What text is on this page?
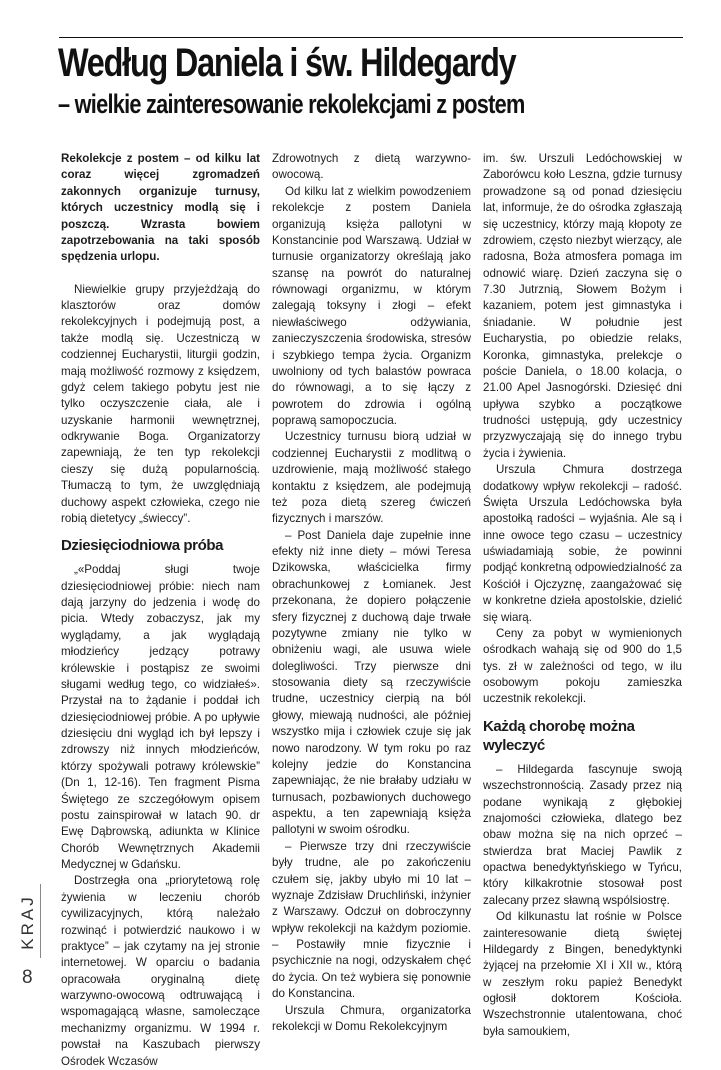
Według Daniela i św. Hildegardy
– wielkie zainteresowanie rekolekcjami z postem

Rekolekcje z postem – od kilku lat coraz więcej zgromadzeń zakonnych organizuje turnusy, których uczestnicy modlą się i poszczą. Wzrasta bowiem zapotrzebowania na taki sposób spędzenia urlopu.

Niewielkie grupy przyjeżdżają do klasztorów oraz domów rekolekcyjnych i podejmują post, a także modlą się. Uczestniczą w codziennej Eucharystii, liturgii godzin, mają możliwość rozmowy z księdzem, gdyż celem takiego pobytu jest nie tylko oczyszczenie ciała, ale i uzyskanie harmonii wewnętrznej, odkrywanie Boga. Organizatorzy zapewniają, że ten typ rekolekcji cieszy się dużą popularnością. Tłumaczą to tym, że uwzględniają duchowy aspekt człowieka, czego nie robią dietetycy „świeccy”.

Dziesięciodniowa próba

„«Poddaj sługi twoje dziesięciodniowej próbie: niech nam dają jarzyny do jedzenia i wodę do picia. Wtedy zobaczysz, jak my wyglądamy, a jak wyglądają młodzieńcy jedzący potrawy królewskie i postąpisz ze swoimi sługami według tego, co widziałeś». Przystał na to żądanie i poddał ich dziesięciodniowej próbie. A po upływie dziesięciu dni wygląd ich był lepszy i zdrowszy niż innych młodzieńców, którzy spożywali potrawy królewskie” (Dn 1, 12-16). Ten fragment Pisma Świętego ze szczegółowym opisem postu zainspirował w latach 90. dr Ewę Dąbrowską, adiunkta w Klinice Chorób Wewnętrznych Akademii Medycznej w Gdańsku.

Dostrzegła ona „priorytetową rolę żywienia w leczeniu chorób cywilizacyjnych, którą należało rozwinąć i potwierdzić naukowo i w praktyce” – jak czytamy na jej stronie internetowej. W oparciu o badania opracowała oryginalną dietę warzywno-owocową odtruwającą i wspomagającą własne, samoleczące mechanizmy organizmu. W 1994 r. powstał na Kaszubach pierwszy Ośrodek Wczasów

Zdrowotnych z dietą warzywno-owocową.

Od kilku lat z wielkim powodzeniem rekolekcje z postem Daniela organizują księża pallotyni w Konstancinie pod Warszawą. Udział w turnusie organizatorzy określają jako szansę na powrót do naturalnej równowagi organizmu, w którym zalegają toksyny i złogi – efekt niewłaściwego odżywiania, zanieczyszczenia środowiska, stresów i szybkiego tempa życia. Organizm uwolniony od tych balastów powraca do równowagi, a to się łączy z powrotem do zdrowia i ogólną poprawą samopoczucia.

Uczestnicy turnusu biorą udział w codziennej Eucharystii z modlitwą o uzdrowienie, mają możliwość stałego kontaktu z księdzem, ale podejmują też poza dietą szereg ćwiczeń fizycznych i marszów.

– Post Daniela daje zupełnie inne efekty niż inne diety – mówi Teresa Dzikowska, właścicielka firmy obrachunkowej z Łomianek. Jest przekonana, że dopiero połączenie sfery fizycznej z duchową daje trwałe pozytywne zmiany nie tylko w obniżeniu wagi, ale usuwa wiele dolegliwości. Trzy pierwsze dni stosowania diety są rzeczywiście trudne, uczestnicy cierpią na ból głowy, miewają nudności, ale później wszystko mija i człowiek czuje się jak nowo narodzony. W tym roku po raz kolejny jedzie do Konstancina zapewniając, że nie brałaby udziału w turnusach, pozbawionych duchowego aspektu, a ten zapewniają księża pallotyni w swoim ośrodku.

– Pierwsze trzy dni rzeczywiście były trudne, ale po zakończeniu czułem się, jakby ubyło mi 10 lat – wyznaje Zdzisław Druchliński, inżynier z Warszawy. Odczuł on dobroczynny wpływ rekolekcji na każdym poziomie. – Postawiły mnie fizycznie i psychicznie na nogi, odzyskałem chęć do życia. On też wybiera się ponownie do Konstancina.

Urszula Chmura, organizatorka rekolekcji w Domu Rekolekcyjnym

im. św. Urszuli Ledóchowskiej w Zaborówcu koło Leszna, gdzie turnusy prowadzone są od ponad dziesięciu lat, informuje, że do ośrodka zgłaszają się uczestnicy, którzy mają kłopoty ze zdrowiem, często niezbyt wierzący, ale radosna, Boża atmosfera pomaga im odnowić wiarę. Dzień zaczyna się o 7.30 Jutrznią, Słowem Bożym i kazaniem, potem jest gimnastyka i śniadanie. W południe jest Eucharystia, po obiedzie relaks, Koronka, gimnastyka, prelekcje o poście Daniela, o 18.00 kolacja, o 21.00 Apel Jasnogórski. Dziesięć dni upływa szybko a początkowe trudności ustępują, gdy uczestnicy przyzwyczajają się do innego trybu życia i żywienia.

Urszula Chmura dostrzega dodatkowy wpływ rekolekcji – radość. Święta Urszula Ledóchowska była apostołką radości – wyjaśnia. Ale są i inne owoce tego czasu – uczestnicy uświadamiają sobie, że powinni podjąć konkretną odpowiedzialność za Kościół i Ojczyznę, zaangażować się w konkretne dzieła apostolskie, dzielić się wiarą.

Ceny za pobyt w wymienionych ośrodkach wahają się od 900 do 1,5 tys. zł w zależności od tego, w ilu osobowym pokoju zamieszka uczestnik rekolekcji.

Każdą chorobę można wyleczyć

– Hildegarda fascynuje swoją wszechstronnością. Zasady przez nią podane wynikają z głębokiej znajomości człowieka, dlatego bez obaw można się na nich oprzeć – stwierdza brat Maciej Pawlik z opactwa benedyktyńskiego w Tyńcu, który kilkakrotnie stosował post zalecany przez sławną wspólsiostrę.

Od kilkunastu lat rośnie w Polsce zainteresowanie dietą świętej Hildegardy z Bingen, benedyktynki żyjącej na przełomie XI i XII w., którą w zeszłym roku papież Benedykt ogłosił doktorem Kościoła. Wszechstronnie utalentowana, choć była samoukiem,

KRAJ
8
